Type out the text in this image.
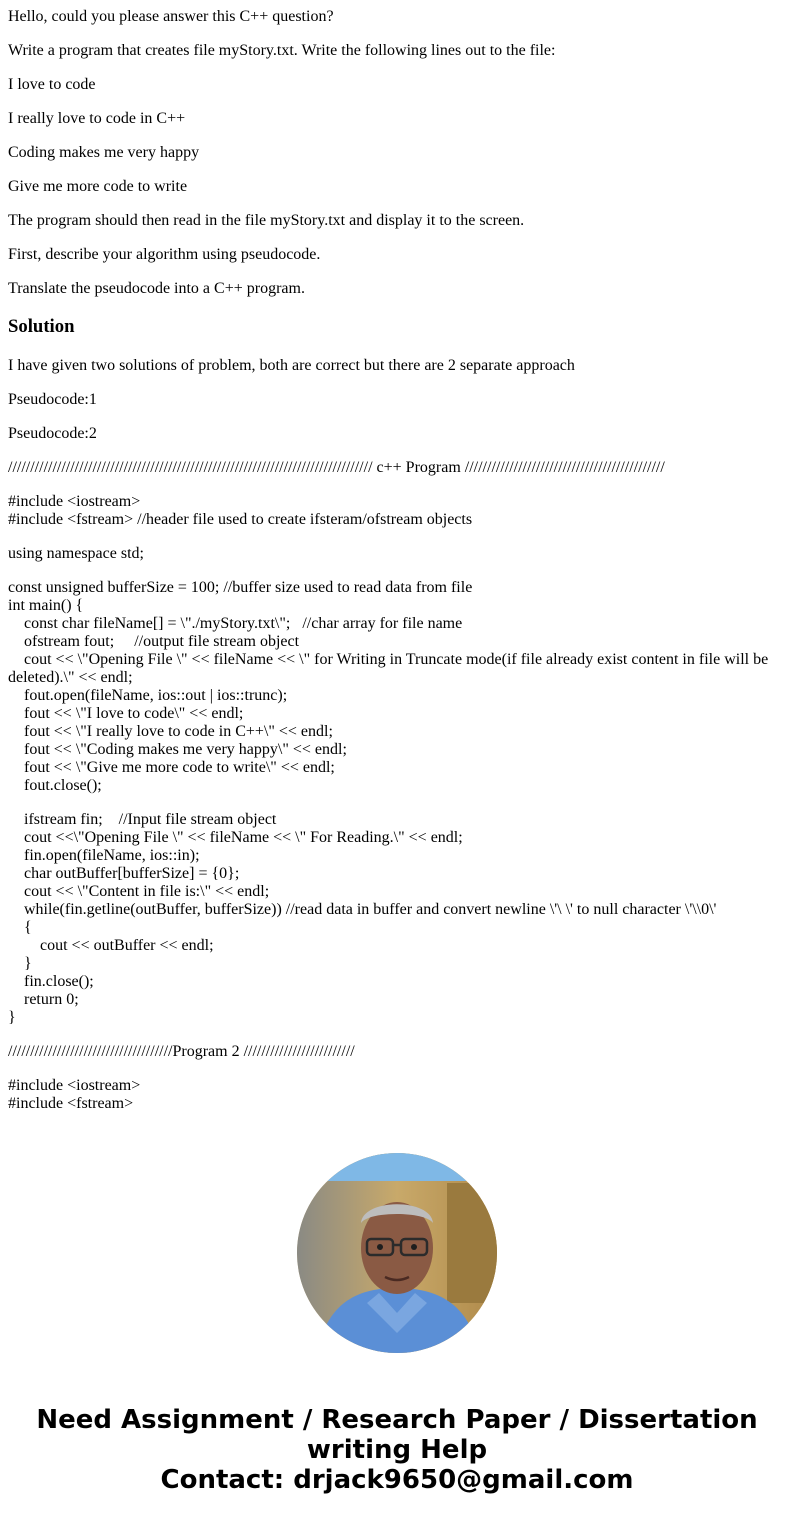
Hello, could you please answer this C++ question?

Write a program that creates file myStory.txt. Write the following lines out to the file:

I love to code

I really love to code in C++

Coding makes me very happy

Give me more code to write

The program should then read in the file myStory.txt and display it to the screen.

First, describe your algorithm using pseudocode.

Translate the pseudocode into a C++ program.

Solution

I have given two solutions of problem, both are correct but there are 2 separate approach

Pseudocode:1

Pseudocode:2

////////////////////////////////////////////////////////////////////////////////// c++ Program /////////////////////////////////////////////

#include <iostream>
#include <fstream> //header file used to create ifsteram/ofstream objects
using namespace std;
const unsigned bufferSize = 100; //buffer size used to read data from file
int main() {
const char fileName[] = \"./myStory.txt\";   //char array for file name
ofstream fout;     //output file stream object
cout << \"Opening File \" << fileName << \" for Writing in Truncate mode(if file already exist content in file will be
deleted).\" << endl;
fout.open(fileName, ios::out | ios::trunc);
fout << \"I love to code\" << endl;
fout << \"I really love to code in C++\" << endl;
fout << \"Coding makes me very happy\" << endl;
fout << \"Give me more code to write\" << endl;
fout.close();
ifstream fin;    //Input file stream object
cout <<\"Opening File \" << fileName << \" For Reading.\" << endl;
fin.open(fileName, ios::in);
char outBuffer[bufferSize] = {0};
cout << \"Content in file is:\" << endl;
while(fin.getline(outBuffer, bufferSize)) //read data in buffer and convert newline \'\ \' to null character \'\\0\'
{
cout << outBuffer << endl;
}
fin.close();
return 0;
}

/////////////////////////////////////Program 2 /////////////////////////

#include <iostream>
#include <fstream>
Need Assignment / Research Paper / Dissertation
writing Help
Contact: drjack9650@gmail.com
